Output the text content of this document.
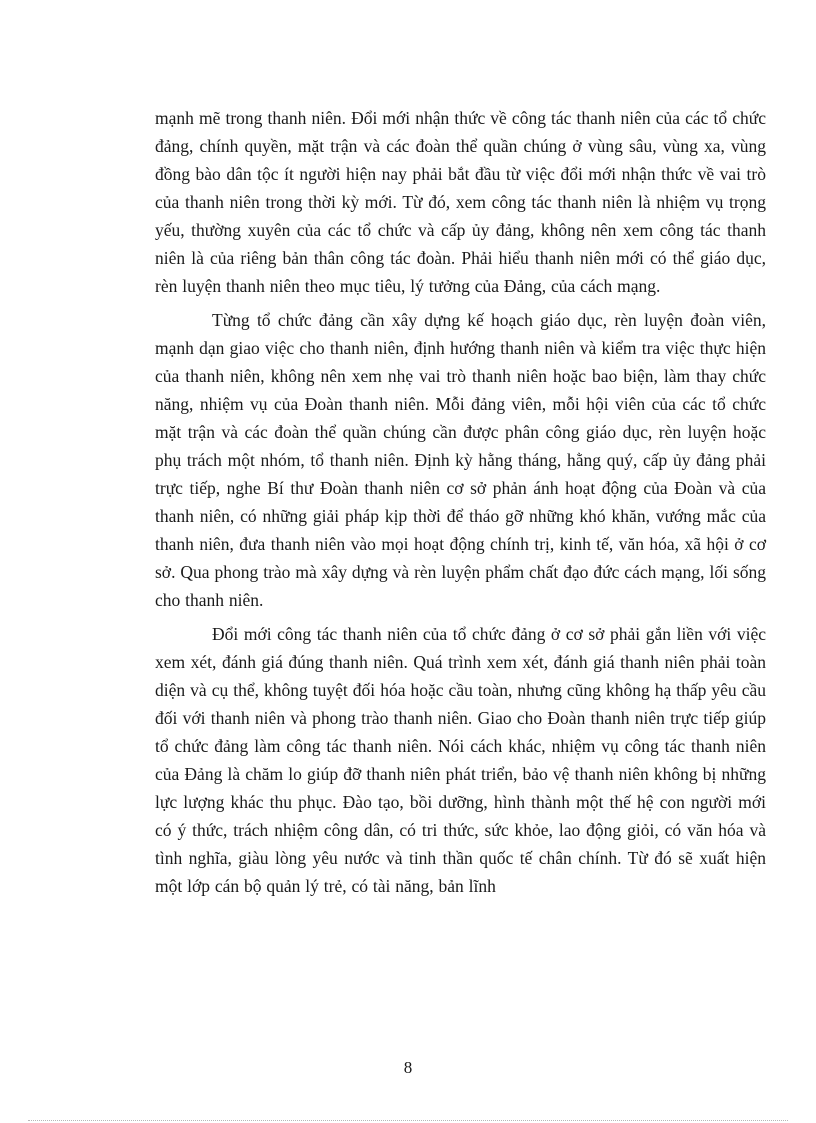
mạnh mẽ trong thanh niên. Đổi mới nhận thức về công tác thanh niên của các tổ chức đảng, chính quyền, mặt trận và các đoàn thể quần chúng ở vùng sâu, vùng xa, vùng đồng bào dân tộc ít người hiện nay phải bắt đầu từ việc đổi mới nhận thức về vai trò của thanh niên trong thời kỳ mới. Từ đó, xem công tác thanh niên là nhiệm vụ trọng yếu, thường xuyên của các tổ chức và cấp ủy đảng, không nên xem công tác thanh niên là của riêng bản thân công tác đoàn. Phải hiểu thanh niên mới có thể giáo dục, rèn luyện thanh niên theo mục tiêu, lý tưởng của Đảng, của cách mạng.

Từng tổ chức đảng cần xây dựng kế hoạch giáo dục, rèn luyện đoàn viên, mạnh dạn giao việc cho thanh niên, định hướng thanh niên và kiểm tra việc thực hiện của thanh niên, không nên xem nhẹ vai trò thanh niên hoặc bao biện, làm thay chức năng, nhiệm vụ của Đoàn thanh niên. Mỗi đảng viên, mỗi hội viên của các tổ chức mặt trận và các đoàn thể quần chúng cần được phân công giáo dục, rèn luyện hoặc phụ trách một nhóm, tổ thanh niên. Định kỳ hằng tháng, hằng quý, cấp ủy đảng phải trực tiếp, nghe Bí thư Đoàn thanh niên cơ sở phản ánh hoạt động của Đoàn và của thanh niên, có những giải pháp kịp thời để tháo gỡ những khó khăn, vướng mắc của thanh niên, đưa thanh niên vào mọi hoạt động chính trị, kinh tế, văn hóa, xã hội ở cơ sở. Qua phong trào mà xây dựng và rèn luyện phẩm chất đạo đức cách mạng, lối sống cho thanh niên.

Đổi mới công tác thanh niên của tổ chức đảng ở cơ sở phải gắn liền với việc xem xét, đánh giá đúng thanh niên. Quá trình xem xét, đánh giá thanh niên phải toàn diện và cụ thể, không tuyệt đối hóa hoặc cầu toàn, nhưng cũng không hạ thấp yêu cầu đối với thanh niên và phong trào thanh niên. Giao cho Đoàn thanh niên trực tiếp giúp tổ chức đảng làm công tác thanh niên. Nói cách khác, nhiệm vụ công tác thanh niên của Đảng là chăm lo giúp đỡ thanh niên phát triển, bảo vệ thanh niên không bị những lực lượng khác thu phục. Đào tạo, bồi dưỡng, hình thành một thế hệ con người mới có ý thức, trách nhiệm công dân, có tri thức, sức khỏe, lao động giỏi, có văn hóa và tình nghĩa, giàu lòng yêu nước và tinh thần quốc tế chân chính. Từ đó sẽ xuất hiện một lớp cán bộ quản lý trẻ, có tài năng, bản lĩnh

8
